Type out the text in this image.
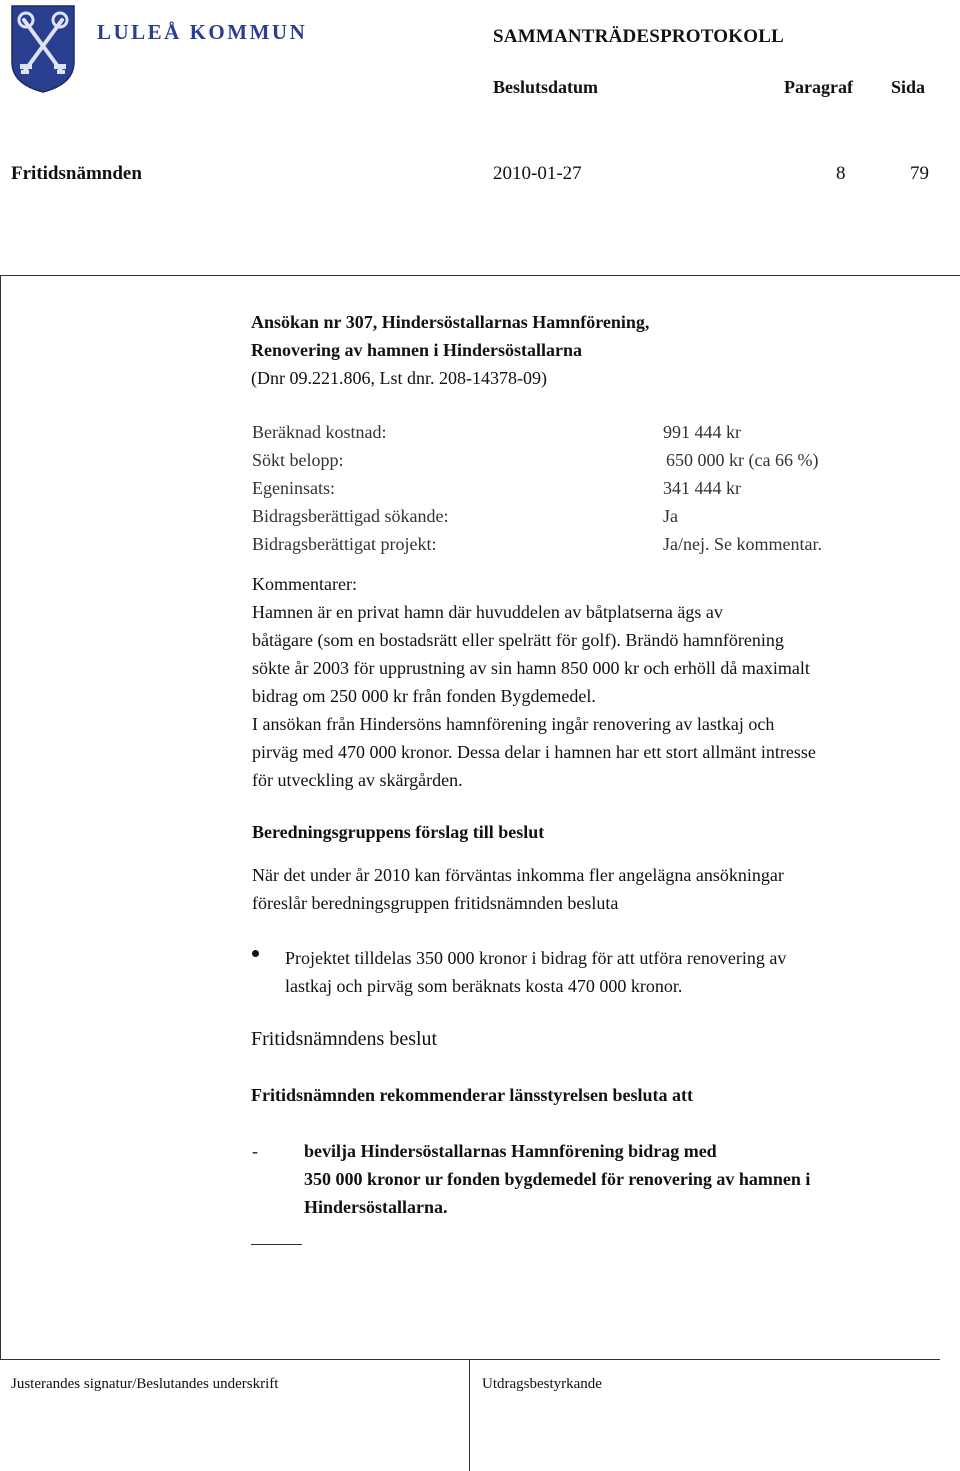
LULEÅ KOMMUN	SAMMANTRÄDESPROTOKOLL
Beslutsdatum	Paragraf Sida
Fritidsnämnden	2010-01-27	8	79
Ansökan nr 307, Hindersöstallarnas Hamnförening,
Renovering av hamnen i Hindersöstallarna
(Dnr 09.221.806, Lst dnr. 208-14378-09)
Beräknad kostnad:	991 444 kr
Sökt belopp:	650 000 kr (ca 66 %)
Egeninsats:	341 444 kr
Bidragsberättigad sökande:	Ja
Bidragsberättigat projekt:	Ja/nej. Se kommentar.
Kommentarer:
Hamnen är en privat hamn där huvuddelen av båtplatserna ägs av
båtägare (som en bostadsrätt eller spelrätt för golf). Brändö hamnförening
sökte år 2003 för upprustning av sin hamn 850 000 kr och erhöll då maximalt
bidrag om 250 000 kr från fonden Bygdemedel.
I ansökan från Hindersöns hamnförening ingår renovering av lastkaj och
pirväg med 470 000 kronor. Dessa delar i hamnen har ett stort allmänt intresse
för utveckling av skärgården.
Beredningsgruppens förslag till beslut
När det under år 2010 kan förväntas inkomma fler angelägna ansökningar
föreslår beredningsgruppen fritidsnämnden besluta
Projektet tilldelas 350 000 kronor i bidrag för att utföra renovering av
lastkaj och pirväg som beräknats kosta 470 000 kronor.
Fritidsnämndens beslut
Fritidsnämnden rekommenderar länsstyrelsen besluta att
-	bevilja Hindersöstallarnas Hamnförening bidrag med
350 000 kronor ur fonden bygdemedel för renovering av hamnen i
Hindersöstallarna.
Justerandes signatur/Beslutandes underskrift	Utdragsbestyrkande
